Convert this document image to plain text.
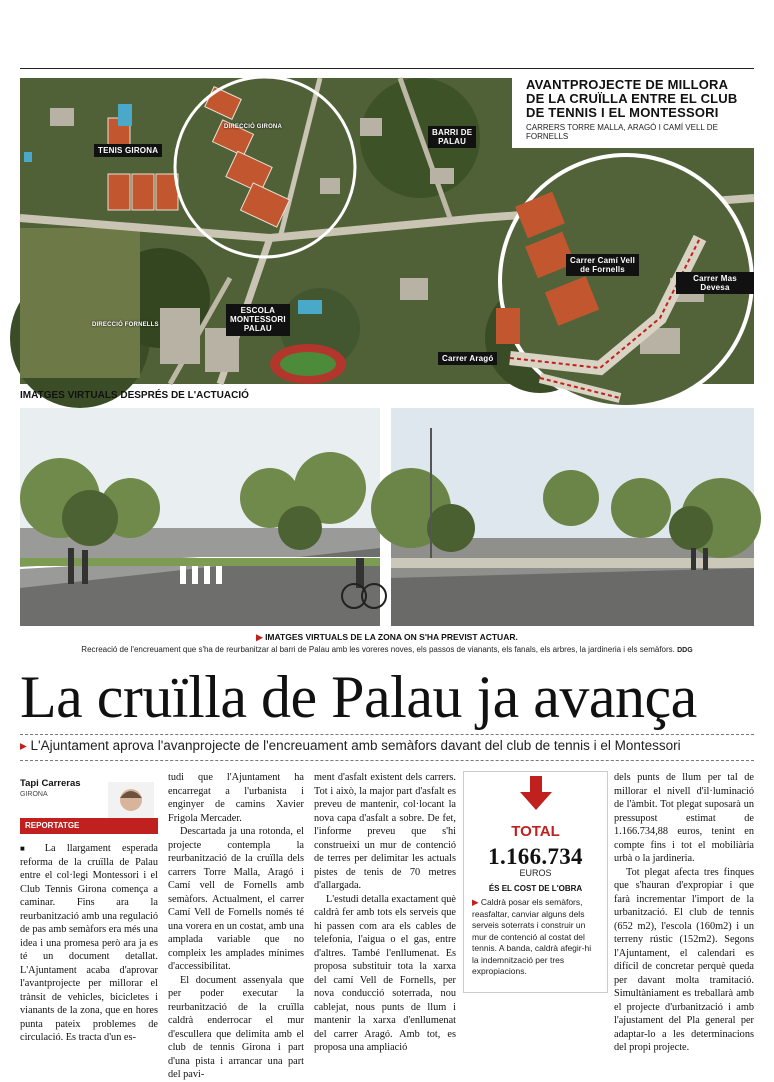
TENIS GIRONA
DIRECCIÓ GIRONA
BARRI DE
PALAU
DIRECCIÓ FORNELLS
ESCOLA
MONTESSORI
PALAU
Carrer Camí Vell
de Fornells
Carrer Mas Devesa
Carrer Aragó
AVANTPROJECTE DE MILLORA
DE LA CRUÏLLA ENTRE EL CLUB
DE TENNIS I EL MONTESSORI
CARRERS TORRE MALLA, ARAGÓ I CAMÍ VELL DE FORNELLS
IMATGES VIRTUALS DESPRÉS DE L'ACTUACIÓ
▶ IMATGES VIRTUALS DE LA ZONA ON S'HA PREVIST ACTUAR.
Recreació de l'encreuament que s'ha de reurbanitzar al barri de Palau amb les voreres noves, els passos de vianants, els fanals, els arbres, la jardineria i els semàfors. DDG
La cruïlla de Palau ja avança
▸ L'Ajuntament aprova l'avanprojecte de l'encreuament amb semàfors davant del club de tennis i el Montessori
Tapi Carreras
GIRONA
REPORTATGE

■ La llargament esperada reforma de la cruïlla de Palau entre el col·legi Montessori i el Club Tennis Girona comença a caminar. Fins ara la reurbanització amb una regulació de pas amb semàfors era més una idea i una promesa però ara ja es té un document detallat. L'Ajuntament acaba d'aprovar l'avantprojecte per millorar el trànsit de vehicles, bicicletes i vianants de la zona, que en hores punta pateix problemes de circulació. Es tracta d'un es-

tudi que l'Ajuntament ha encarregat a l'urbanista i enginyer de camins Xavier Frigola Mercader.

Descartada ja una rotonda, el projecte contempla la reurbanització de la cruïlla dels carrers Torre Malla, Aragó i Camí vell de Fornells amb semàfors. Actualment, el carrer Camí Vell de Fornells només té una vorera en un costat, amb una amplada variable que no compleix les amplades mínimes d'accessibilitat.

El document assenyala que per poder executar la reurbanització de la cruïlla caldrà enderrocar el mur d'escullera que delimita amb el club de tennis Girona i part d'una pista i arrancar una part del pavi-

ment d'asfalt existent dels carrers. Tot i això, la major part d'asfalt es preveu de mantenir, col·locant la nova capa d'asfalt a sobre. De fet, l'informe preveu que s'hi construeixi un mur de contenció de terres per delimitar les actuals pistes de tenis de 70 metres d'allargada.

L'estudi detalla exactament què caldrà fer amb tots els serveis que hi passen com ara els cables de telefonia, l'aigua o el gas, entre d'altres. També l'enllumenat. Es proposa substituir tota la xarxa del camí Vell de Fornells, per nova conducció soterrada, nou cablejat, nous punts de llum i mantenir la xarxa d'enllumenat del carrer Aragó. Amb tot, es proposa una ampliació

TOTAL
1.166.734
EUROS
ÉS EL COST DE L'OBRA
▶ Caldrà posar els semàfors, reasfaltar, canviar alguns dels serveis soterrats i construir un mur de contenció al costat del tennis. A banda, caldrà afegir-hi la indemnització per tres expropiacions.

dels punts de llum per tal de millorar el nivell d'il·luminació de l'àmbit. Tot plegat suposarà un pressupost estimat de 1.166.734,88 euros, tenint en compte fins i tot el mobiliària urbà o la jardineria.

Tot plegat afecta tres finques que s'hauran d'expropiar i que farà incrementar l'import de la urbanització. El club de tennis (652 m2), l'escola (160m2) i un terreny rústic (152m2). Segons l'Ajuntament, el calendari es difícil de concretar perquè queda per davant molta tramitació. Simultàniament es treballarà amb el projecte d'urbanització i amb l'ajustament del Pla general per adaptar-lo a les determinacions del propi projecte.
